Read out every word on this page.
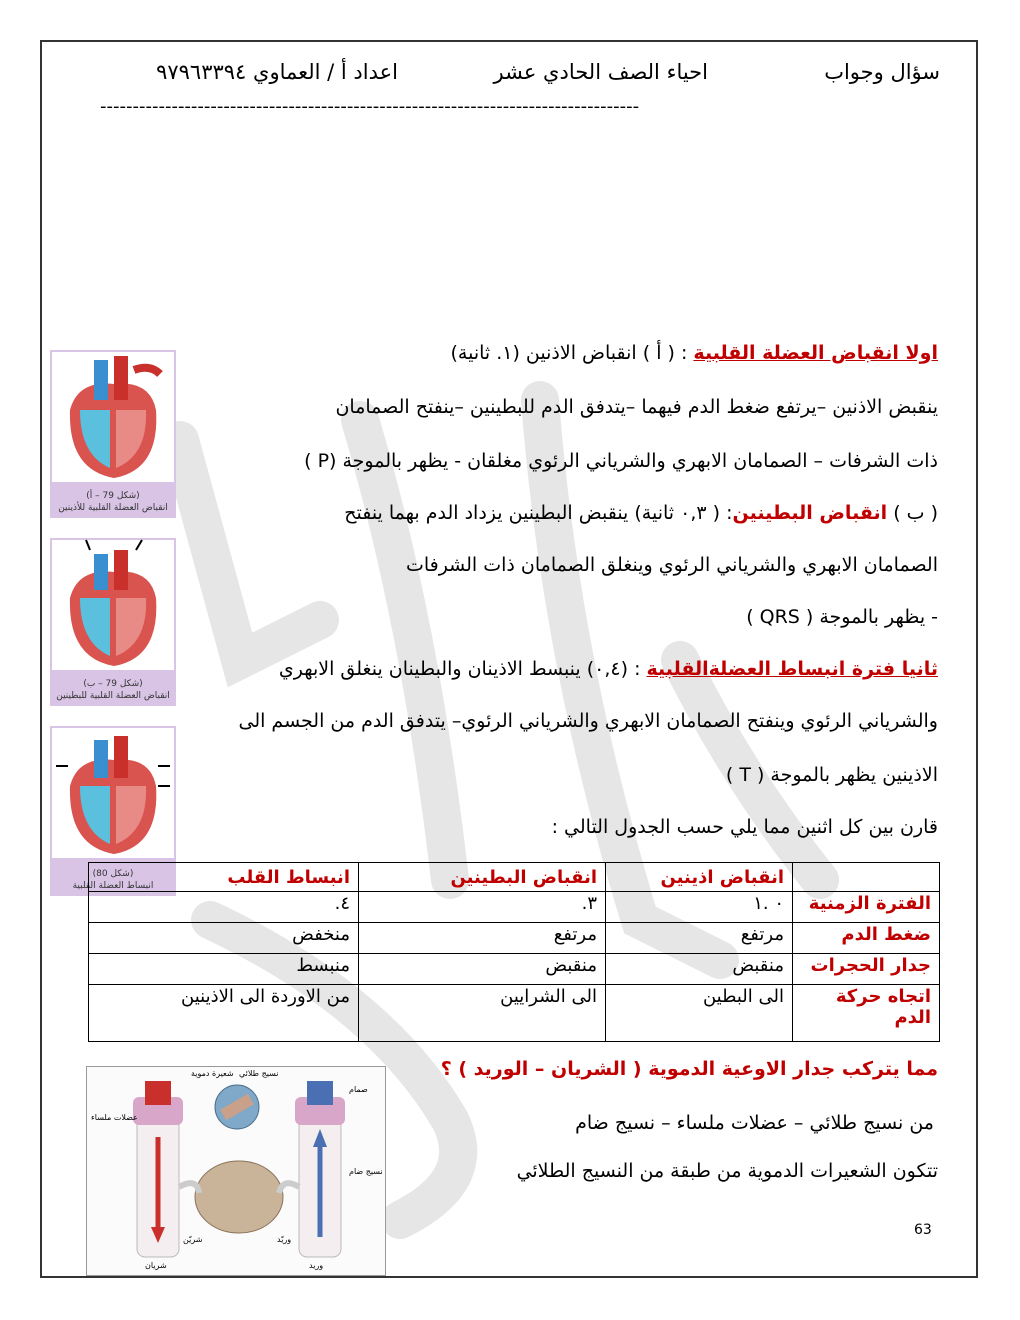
سؤال وجواب
احياء الصف الحادي عشر
اعداد أ / العماوي ٩٧٩٦٣٣٩٤
-----------------------------------------------------------------------------------
اولا انقباض العضلة القلبية : ( أ ) انقباض الاذنين (١. ثانية)
ينقبض الاذنين –يرتفع ضغط الدم فيهما –يتدفق الدم للبطينين –ينفتح الصمامان
ذات الشرفات – الصمامان الابهري والشرياني الرئوي مغلقان - يظهر بالموجة (P )
( ب ) انقباض البطينين: ( ٠,٣ ثانية) ينقبض البطينين يزداد الدم بهما ينفتح
الصمامان الابهري والشرياني الرئوي وينغلق الصمامان ذات الشرفات
- يظهر بالموجة ( QRS )
ثانيا فترة انبساط العضلةالقلبية : (٠,٤) ينبسط الاذينان والبطينان ينغلق الابهري
والشرياني الرئوي وينفتح الصمامان الابهري والشرياني الرئوي– يتدفق الدم من الجسم الى
الاذينين يظهر بالموجة ( T )
قارن بين كل اثنين مما يلي حسب الجدول التالي :
(شكل 79 – أ)
انقباض العضلة القلبية للأذينين
(شكل 79 – ب)
انقباض العضلة القلبية للبطينين
(شكل 80)
انبساط العضلة القلبية
		انقباض اذينين	انقباض البطينين	انبساط القلب
الفترة الزمنية	٠ .١	٣.	٤.
ضغط الدم	مرتفع	مرتفع	منخفض
جدار الحجرات	منقبض	منقبض	منبسط
اتجاه حركة الدم	الى البطين	الى الشرايين	من الاوردة الى الاذينين
مما يتركب جدار الاوعية الدموية ( الشريان – الوريد ) ؟
من نسيج طلائي – عضلات ملساء – نسيج ضام
تتكون الشعيرات الدموية من طبقة من النسيج الطلائي
شعيرة دموية نسيج طلائي
صمام
عضلات ملساء
نسيج ضام
شريان	وريد
شريّن	وريّد
63
